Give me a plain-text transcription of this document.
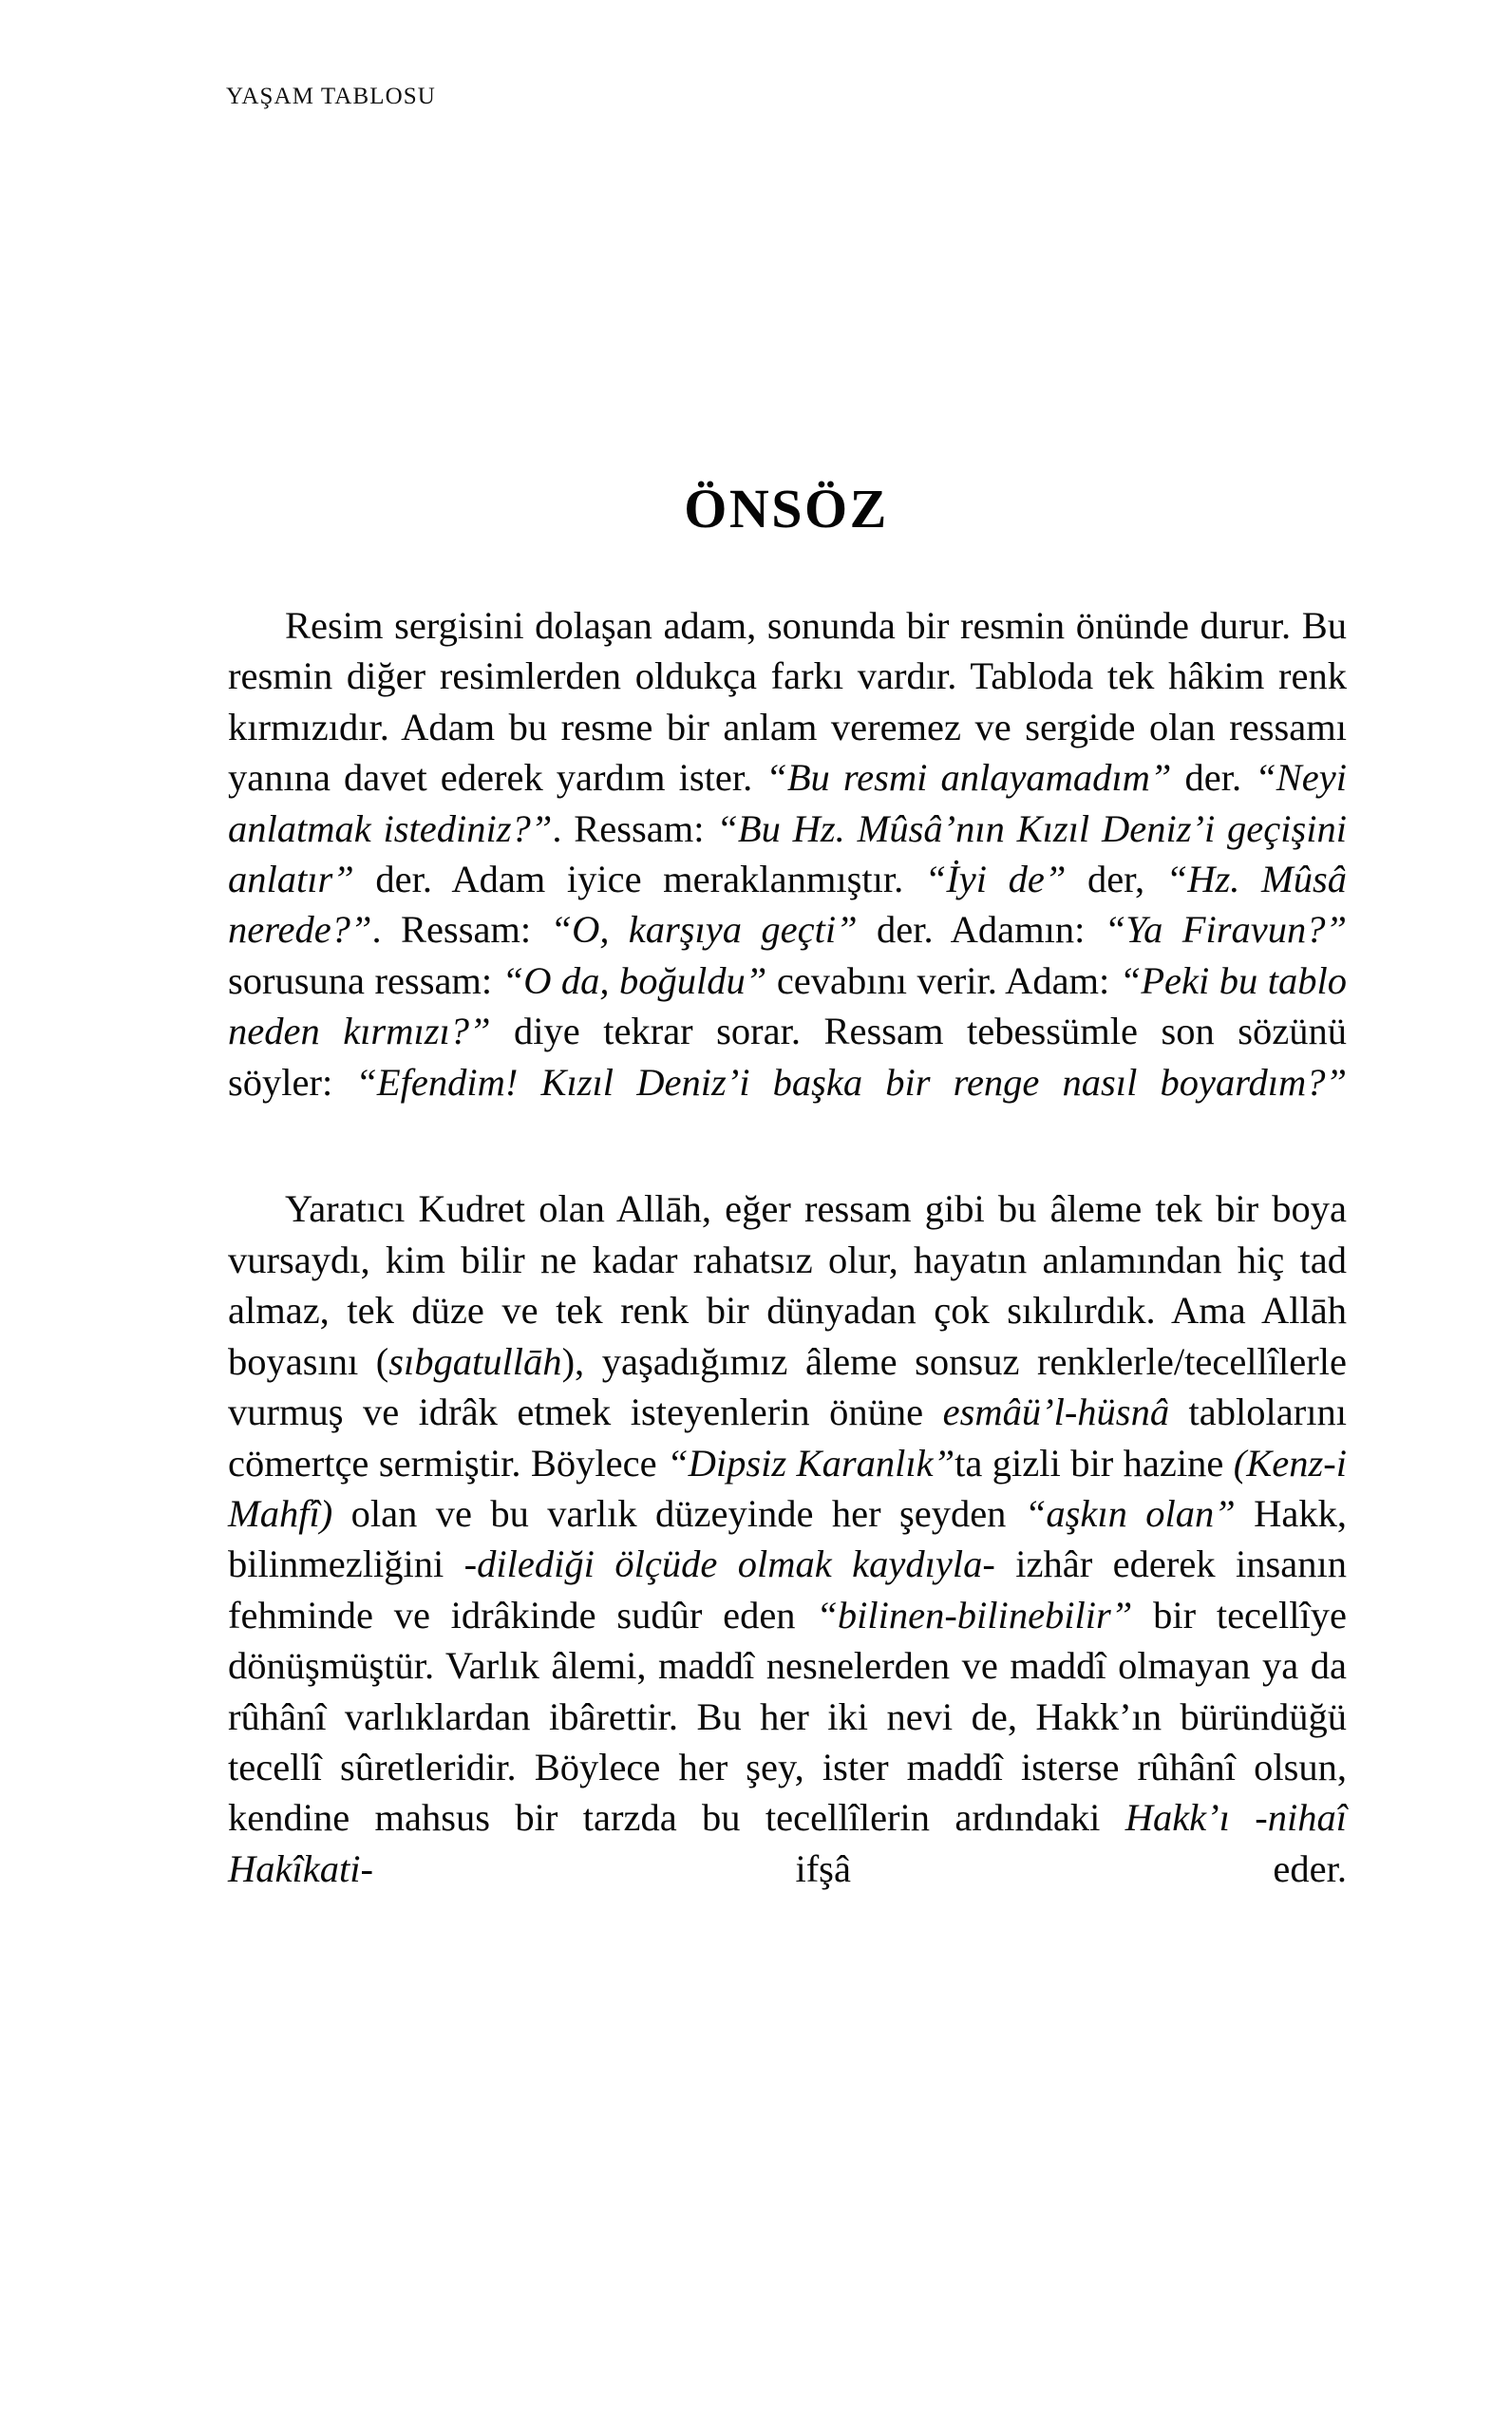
YAŞAM TABLOSU
ÖNSÖZ

Resim sergisini dolaşan adam, sonunda bir resmin önünde durur. Bu resmin diğer resimlerden oldukça farkı vardır. Tabloda tek hâkim renk kırmızıdır. Adam bu resme bir anlam veremez ve sergide olan ressamı yanına davet ederek yardım ister. “Bu resmi anlayamadım” der. “Neyi anlatmak istediniz?”. Ressam: “Bu Hz. Mûsâ’nın Kızıl Deniz’i geçişini anlatır” der. Adam iyice meraklanmıştır. “İyi de” der, “Hz. Mûsâ nerede?”. Ressam: “O, karşıya geçti” der. Adamın: “Ya Firavun?” sorusuna ressam: “O da, boğuldu” cevabını verir. Adam: “Peki bu tablo neden kırmızı?” diye tekrar sorar. Ressam tebessümle son sözünü söyler: “Efendim! Kızıl Deniz’i başka bir renge nasıl boyardım?”

Yaratıcı Kudret olan Allāh, eğer ressam gibi bu âleme tek bir boya vursaydı, kim bilir ne kadar rahatsız olur, hayatın anlamından hiç tad almaz, tek düze ve tek renk bir dünyadan çok sıkılırdık. Ama Allāh boyasını (sıbgatullāh), yaşadığımız âleme sonsuz renklerle/tecellîlerle vurmuş ve idrâk etmek isteyenlerin önüne esmâü’l-hüsnâ tablolarını cömertçe sermiştir. Böylece “Dipsiz Karanlık”ta gizli bir hazine (Kenz-i Mahfî) olan ve bu varlık düzeyinde her şeyden “aşkın olan” Hakk, bilinmezliğini -dilediği ölçüde olmak kaydıyla- izhâr ederek insanın fehminde ve idrâkinde sudûr eden “bilinen-bilinebilir” bir tecellîye dönüşmüştür. Varlık âlemi, maddî nesnelerden ve maddî olmayan ya da rûhânî varlıklardan ibârettir. Bu her iki nevi de, Hakk’ın büründüğü tecellî sûretleridir. Böylece her şey, ister maddî isterse rûhânî olsun, kendine mahsus bir tarzda bu tecellîlerin ardındaki Hakk’ı -nihaî Hakîkati- ifşâ eder.
